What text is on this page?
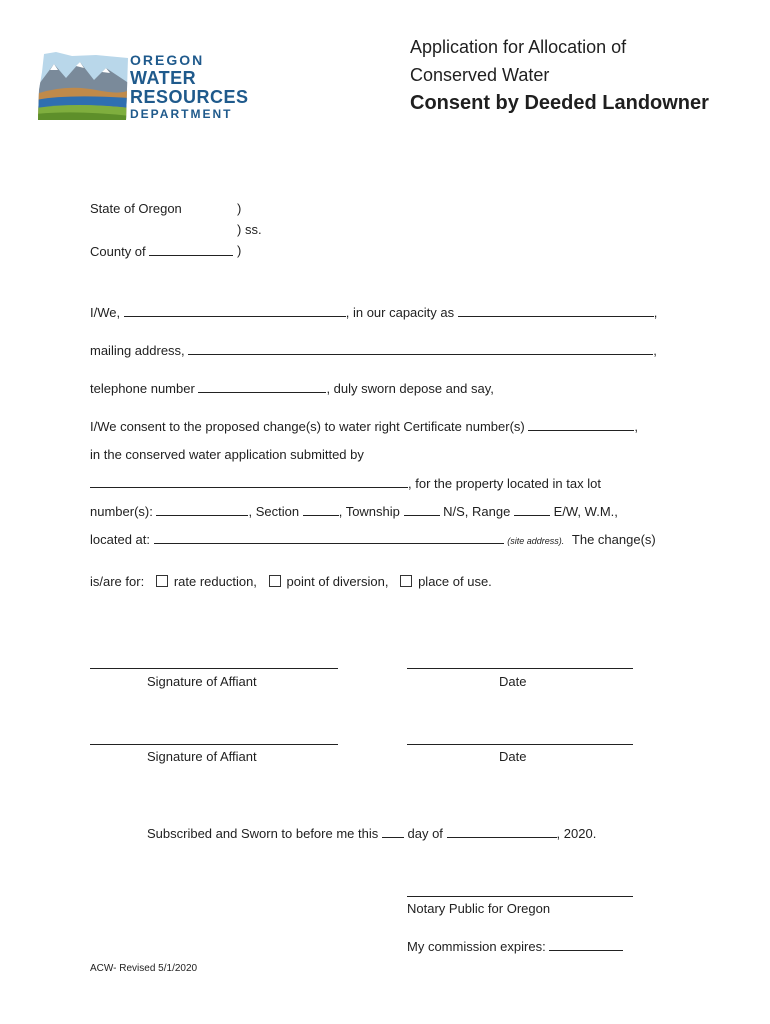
OREGON
WATER
RESOURCES
DEPARTMENT
Application for Allocation of
Conserved Water
Consent by Deeded Landowner
State of Oregon	)
) ss.
County of	)
I/We,	, in our capacity as	,
mailing address,	,
telephone number	, duly sworn depose and say,
I/We consent to the proposed change(s) to water right Certificate number(s)	,
in the conserved water application submitted by
, for the property located in tax lot
number(s):	, Section	, Township	N/S, Range	E/W, W.M.,
located at:	(site address). The change(s)
is/are for: rate reduction, point of diversion, place of use.
Signature of Affiant	Date
Signature of Affiant	Date
Subscribed and Sworn to before me this day of	, 2020.
Notary Public for Oregon
My commission expires:
ACW- Revised 5/1/2020
